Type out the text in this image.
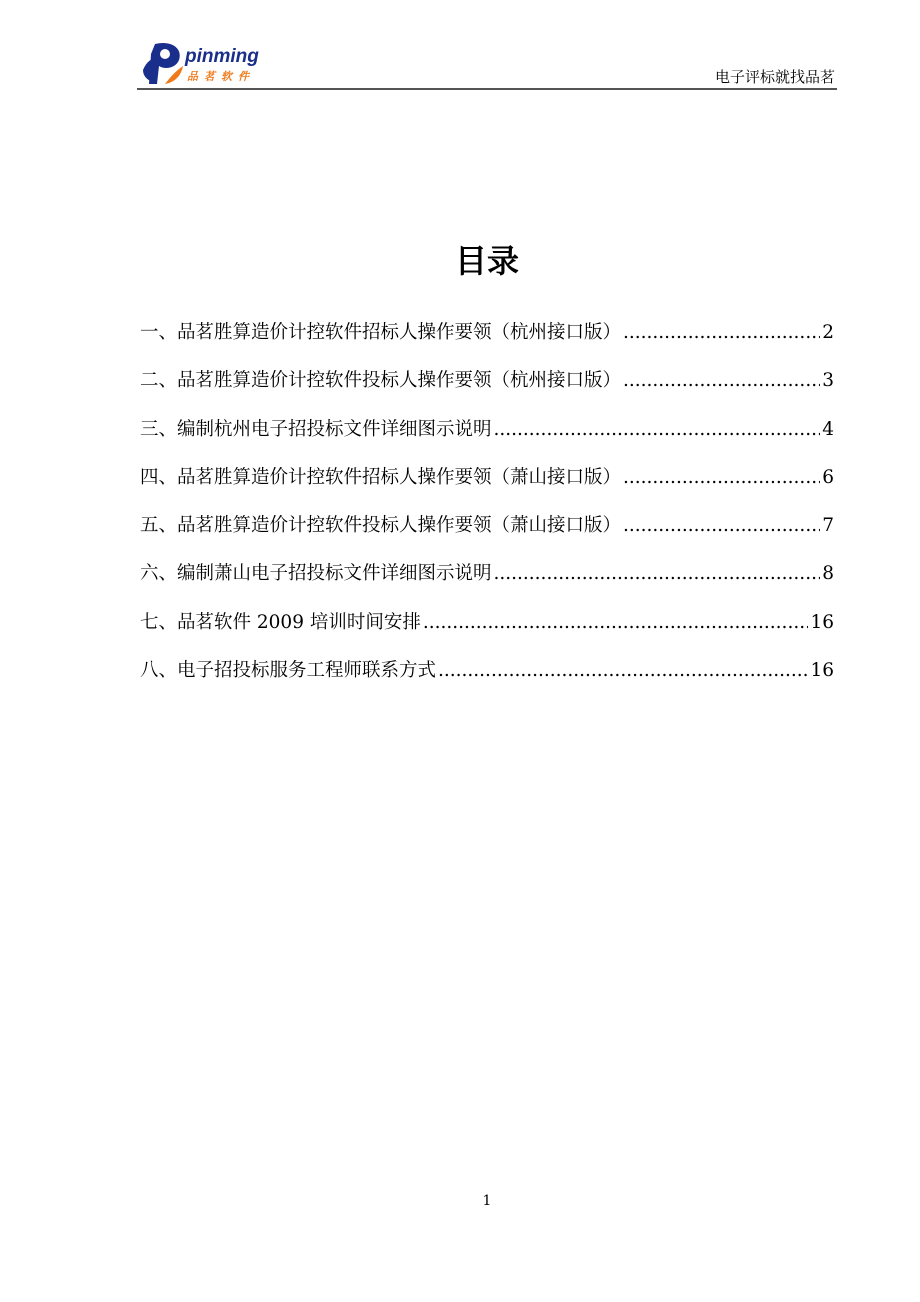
pinming
品茗软件	电子评标就找品茗
目录
一、品茗胜算造价计控软件招标人操作要领（杭州接口版） .....	2
二、品茗胜算造价计控软件投标人操作要领（杭州接口版） .....	3
三、编制杭州电子招投标文件详细图示说明 .....	4
四、品茗胜算造价计控软件招标人操作要领（萧山接口版） .....	6
五、品茗胜算造价计控软件投标人操作要领（萧山接口版） .....	7
六、编制萧山电子招投标文件详细图示说明 .....	8
七、品茗软件 2009 培训时间安排 .....	16
八、电子招投标服务工程师联系方式 .....	16
1
